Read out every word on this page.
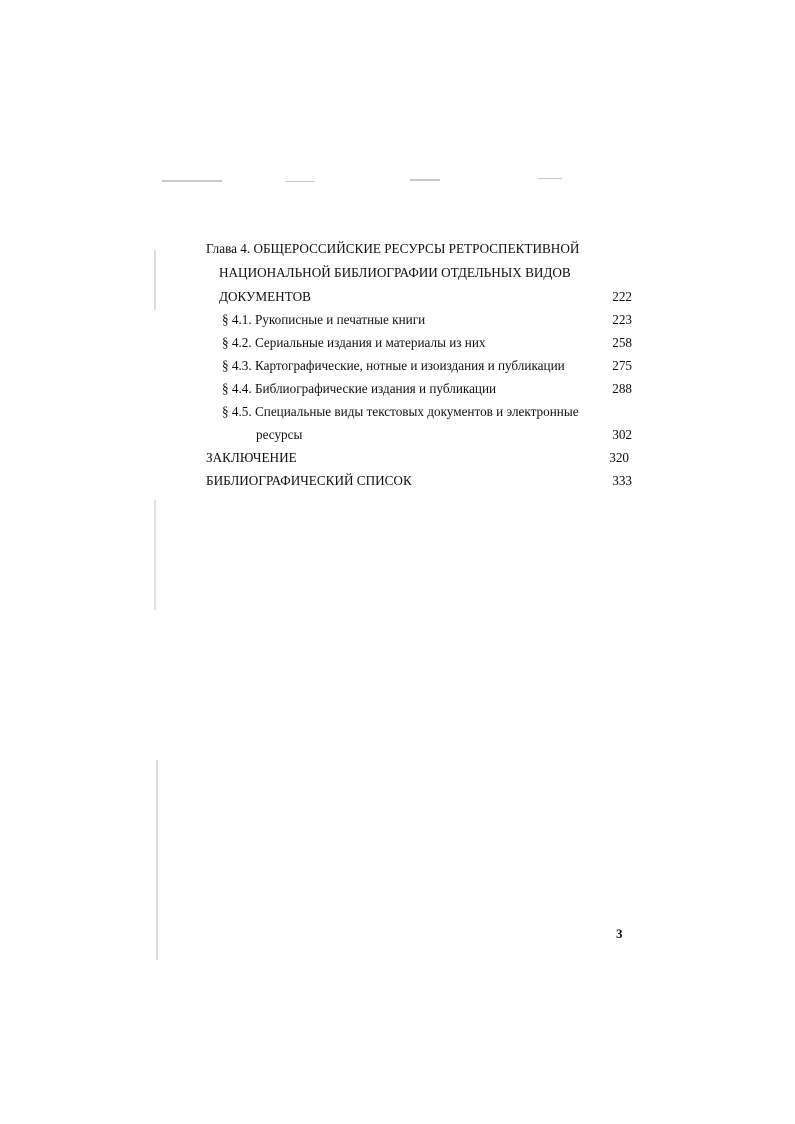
Глава 4. ОБЩЕРОССИЙСКИЕ РЕСУРСЫ РЕТРОСПЕКТИВНОЙ
НАЦИОНАЛЬНОЙ БИБЛИОГРАФИИ ОТДЕЛЬНЫХ ВИДОВ
ДОКУМЕНТОВ	222
§ 4.1. Рукописные и печатные книги	223
§ 4.2. Сериальные издания и материалы из них	258
§ 4.3. Картографические, нотные и изоиздания и публикации	275
§ 4.4. Библиографические издания и публикации	288
§ 4.5. Специальные виды текстовых документов и электронные
ресурсы	302
ЗАКЛЮЧЕНИЕ	320
БИБЛИОГРАФИЧЕСКИЙ СПИСОК	333
3
